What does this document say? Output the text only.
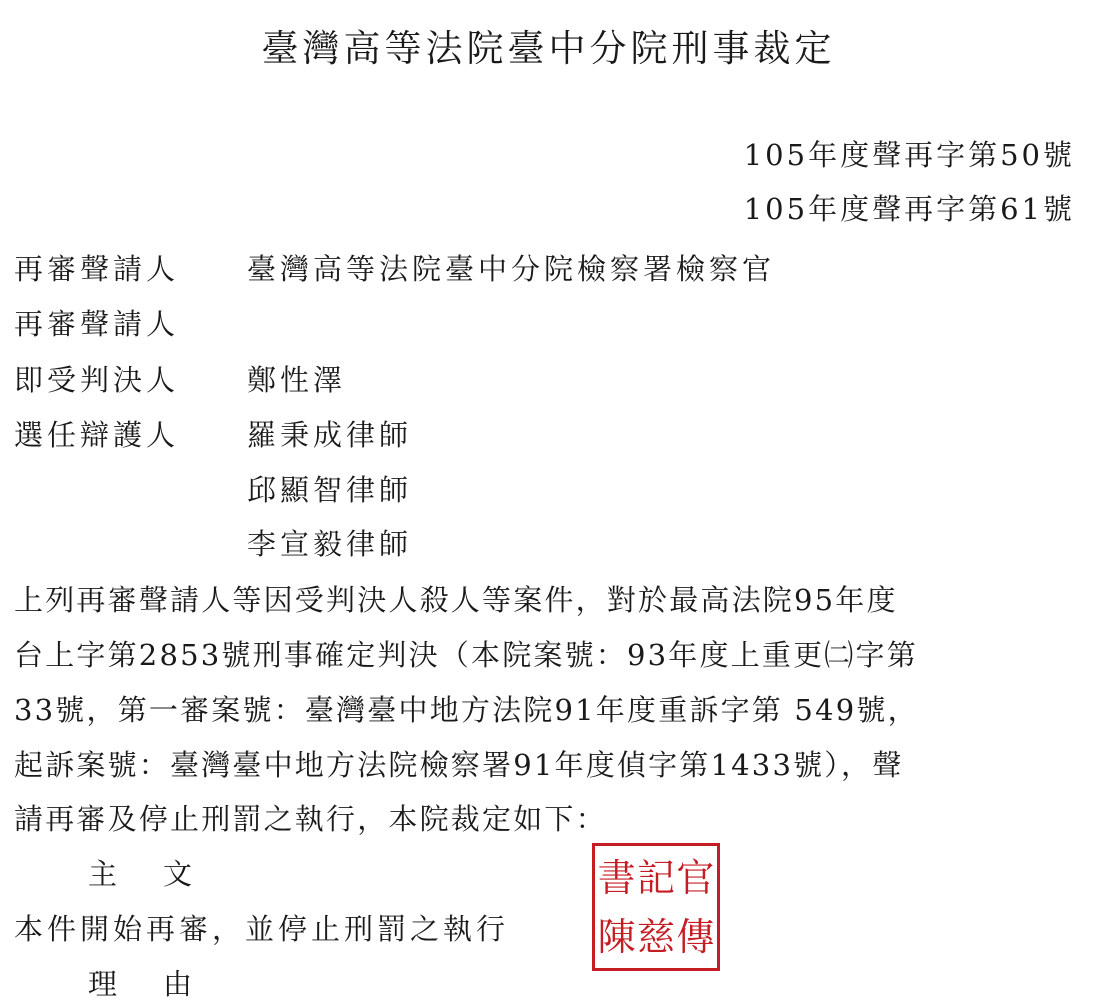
臺灣高等法院臺中分院刑事裁定
105年度聲再字第50號
105年度聲再字第61號
再審聲請人 臺灣高等法院臺中分院檢察署檢察官
再審聲請人
即受判決人 鄭性澤
選任辯護人 羅秉成律師
邱顯智律師
李宣毅律師
上列再審聲請人等因受判決人殺人等案件，對於最高法院95年度
台上字第2853號刑事確定判決（本院案號：93年度上重更㈡字第
33號，第一審案號：臺灣臺中地方法院91年度重訴字第 549號，
起訴案號：臺灣臺中地方法院檢察署91年度偵字第1433號），聲
請再審及停止刑罰之執行，本院裁定如下：
主文
本件開始再審，並停止刑罰之執行
書 記 官
陳 慈 傳
理由
